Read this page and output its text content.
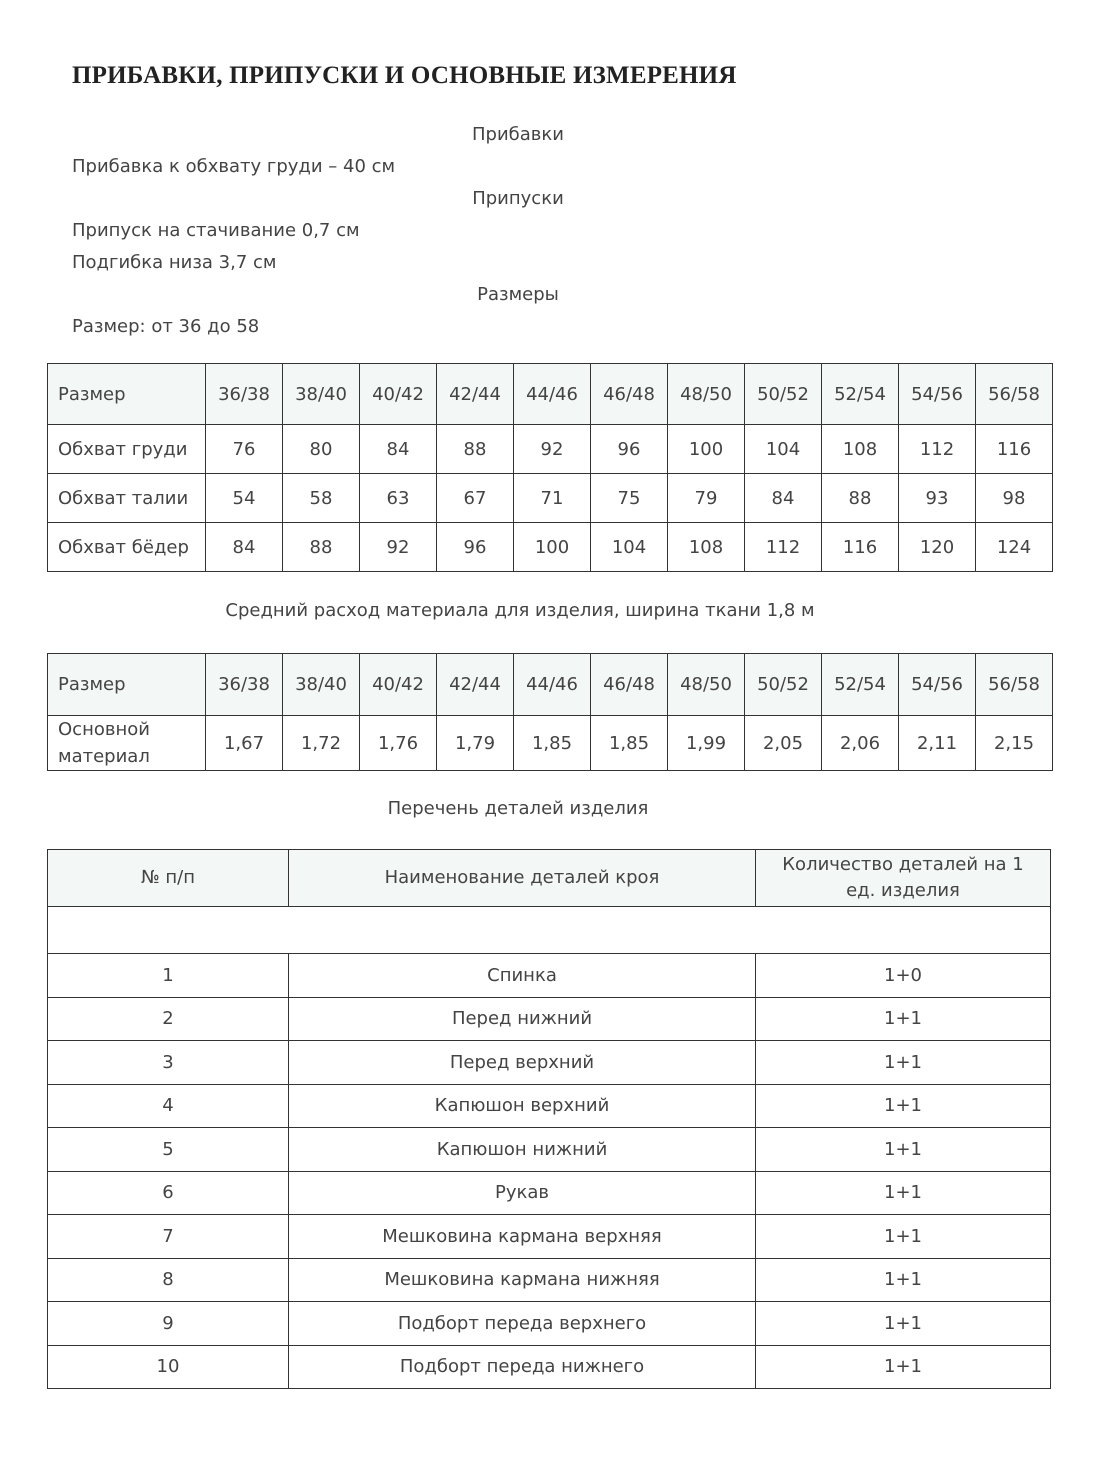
ПРИБАВКИ, ПРИПУСКИ И ОСНОВНЫЕ ИЗМЕРЕНИЯ
Прибавки
Прибавка к обхвату груди – 40 см
Припуски
Припуск на стачивание 0,7 см
Подгибка низа 3,7 см
Размеры
Размер: от 36 до 58
Размер	36/38	38/40	40/42	42/44	44/46	46/48	48/50	50/52	52/54	54/56	56/58
Обхват груди	76	80	84	88	92	96	100	104	108	112	116
Обхват талии	54	58	63	67	71	75	79	84	88	93	98
Обхват бёдер	84	88	92	96	100	104	108	112	116	120	124
Средний расход материала для изделия, ширина ткани 1,8 м
Размер	36/38	38/40	40/42	42/44	44/46	46/48	48/50	50/52	52/54	54/56	56/58
Основной
материал	1,67	1,72	1,76	1,79	1,85	1,85	1,99	2,05	2,06	2,11	2,15
Перечень деталей изделия
№ п/п	Наименование деталей кроя	Количество деталей на 1
ед. изделия

1	Спинка	1+0
2	Перед нижний	1+1
3	Перед верхний	1+1
4	Капюшон верхний	1+1
5	Капюшон нижний	1+1
6	Рукав	1+1
7	Мешковина кармана верхняя	1+1
8	Мешковина кармана нижняя	1+1
9	Подборт переда верхнего	1+1
10	Подборт переда нижнего	1+1
